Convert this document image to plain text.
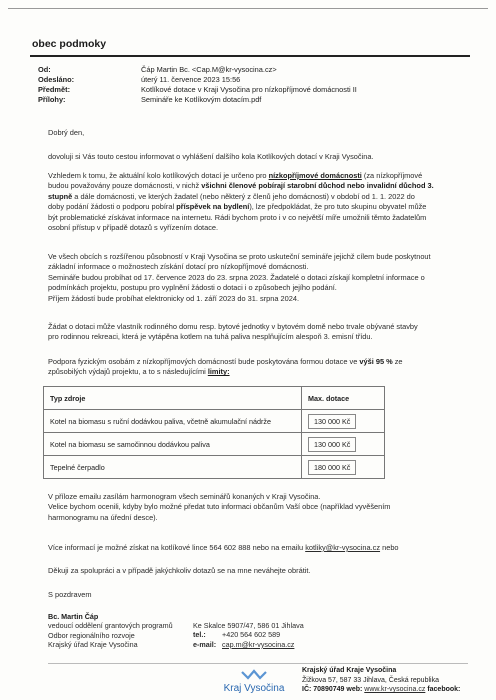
obec podmoky
Od:	Čáp Martin Bc. <Cap.M@kr-vysocina.cz>
Odesláno:	úterý 11. července 2023 15:56
Předmět:	Kotlíkové dotace v Kraji Vysočina pro nízkopříjmové domácnosti II
Přílohy:	Semináře ke Kotlíkovým dotacím.pdf
Dobrý den,
dovoluji si Vás touto cestou informovat o vyhlášení dalšího kola Kotlíkových dotací v Kraji Vysočina.

Vzhledem k tomu, že aktuální kolo kotlíkových dotací je určeno pro nízkopříjmové domácnosti (za nízkopříjmové

budou považovány pouze domácnosti, v nichž všichni členové pobírají starobní důchod nebo invalidní důchod 3.

stupně a dále domácnosti, ve kterých žadatel (nebo některý z členů jeho domácnosti) v období od 1. 1. 2022 do

doby podání žádosti o podporu pobíral příspěvek na bydlení), lze předpokládat, že pro tuto skupinu obyvatel může

být problematické získávat informace na internetu. Rádi bychom proto i v co největší míře umožnili těmto žadatelům

osobní přístup v případě dotazů s vyřízením dotace.

Ve všech obcích s rozšířenou působností v Kraji Vysočina se proto uskuteční semináře jejichž cílem bude poskytnout

základní informace o možnostech získání dotací pro nízkopříjmové domácnosti.

Semináře budou probíhat od 17. července 2023 do 23. srpna 2023. Žadatelé o dotaci získají kompletní informace o

podmínkách projektu, postupu pro vyplnění žádosti o dotaci i o způsobech jejího podání.

Příjem žádostí bude probíhat elektronicky od 1. září 2023 do 31. srpna 2024.

Žádat o dotaci může vlastník rodinného domu resp. bytové jednotky v bytovém domě nebo trvale obývané stavby

pro rodinnou rekreaci, která je vytápěna kotlem na tuhá paliva nesplňujícím alespoň 3. emisní třídu.

Podpora fyzickým osobám z nízkopříjmových domácností bude poskytována formou dotace ve výši 95 % ze

způsobilých výdajů projektu, a to s následujícími limity:

Typ zdroje	Max. dotace
Kotel na biomasu s ruční dodávkou paliva, včetně akumulační nádrže	130 000 Kč
Kotel na biomasu se samočinnou dodávkou paliva	130 000 Kč
Tepelné čerpadlo	180 000 Kč

V příloze emailu zasílám harmonogram všech seminářů konaných v Kraji Vysočina.

Velice bychom ocenili, kdyby bylo možné předat tuto informaci občanům Vaší obce (například vyvěšením

harmonogramu na úřední desce).

Více informací je možné získat na kotlíkové lince 564 602 888 nebo na emailu kotliky@kr-vysocina.cz nebo

Děkuji za spolupráci a v případě jakýchkoliv dotazů se na mne neváhejte obrátit.
S pozdravem
Bc. Martin Čáp
vedoucí oddělení grantových programů
Odbor regionálního rozvoje
Krajský úřad Kraje Vysočina
Ke Skalce 5907/47, 586 01 Jihlava
tel.: +420 564 602 589
e-mail: cap.m@kr-vysocina.cz
Kraj Vysočina
Krajský úřad Kraje Vysočina
Žižkova 57, 587 33 Jihlava, Česká republika
IČ: 70890749 web: www.kr-vysocina.cz facebook:
